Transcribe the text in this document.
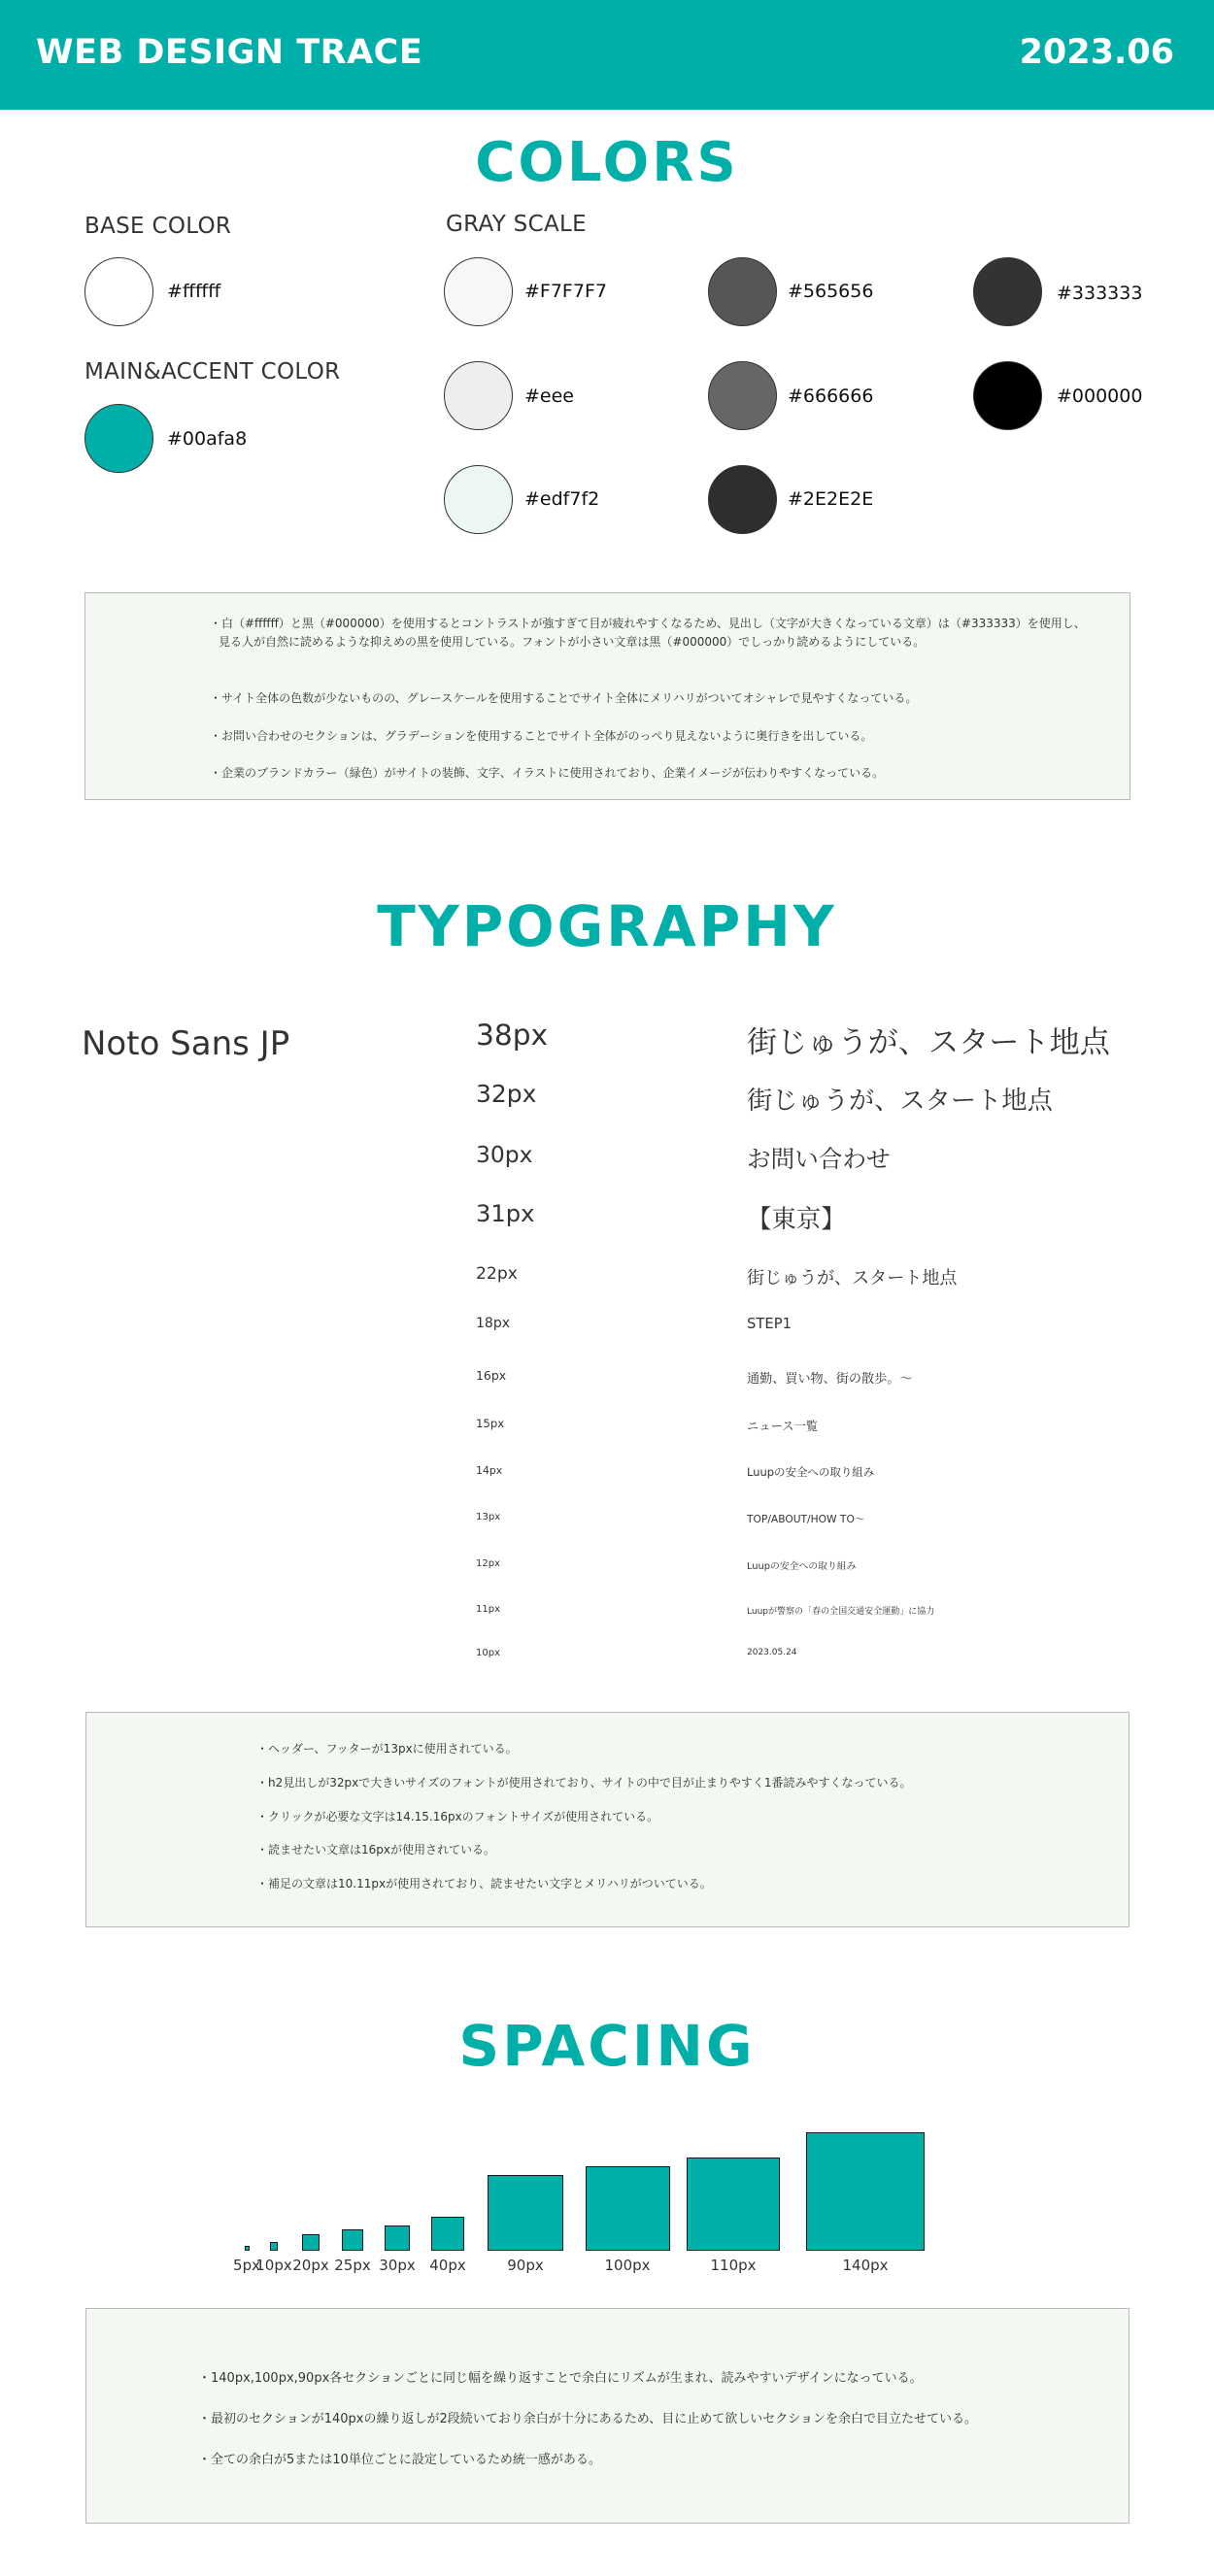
WEB DESIGN TRACE	2023.06
COLORS
BASE COLOR
#ffffff
MAIN&ACCENT COLOR
#00afa8
GRAY SCALE
#F7F7F7	#565656	#333333
#eee	#666666	#000000
#edf7f2	#2E2E2E
・白（#ffffff）と黒（#000000）を使用するとコントラストが強すぎて目が疲れやすくなるため、見出し（文字が大きくなっている文章）は（#333333）を使用し、
見る人が自然に読めるような抑えめの黒を使用している。フォントが小さい文章は黒（#000000）でしっかり読めるようにしている。
・サイト全体の色数が少ないものの、グレースケールを使用することでサイト全体にメリハリがついてオシャレで見やすくなっている。
・お問い合わせのセクションは、グラデーションを使用することでサイト全体がのっぺり見えないように奥行きを出している。
・企業のブランドカラー（緑色）がサイトの装飾、文字、イラストに使用されており、企業イメージが伝わりやすくなっている。
TYPOGRAPHY
Noto Sans JP	38px	街じゅうが、スタート地点
32px	街じゅうが、スタート地点
30px	お問い合わせ
31px	【東京】
22px	街じゅうが、スタート地点
18px	STEP1
16px	通勤、買い物、街の散歩。〜
15px	ニュース一覧
14px	Luupの安全への取り組み
13px	TOP/ABOUT/HOW TO〜
12px	Luupの安全への取り組み
11px	Luupが警察の「春の全国交通安全運動」に協力
10px	2023.05.24
・ヘッダー、フッターが13pxに使用されている。
・h2見出しが32pxで大きいサイズのフォントが使用されており、サイトの中で目が止まりやすく1番読みやすくなっている。
・クリックが必要な文字は14.15.16pxのフォントサイズが使用されている。
・読ませたい文章は16pxが使用されている。
・補足の文章は10.11pxが使用されており、読ませたい文字とメリハリがついている。
SPACING
5px
10px 20px 25px 30px 40px	90px	100px	110px	140px
・140px,100px,90px各セクションごとに同じ幅を繰り返すことで余白にリズムが生まれ、読みやすいデザインになっている。
・最初のセクションが140pxの繰り返しが2段続いており余白が十分にあるため、目に止めて欲しいセクションを余白で目立たせている。
・全ての余白が5または10単位ごとに設定しているため統一感がある。
